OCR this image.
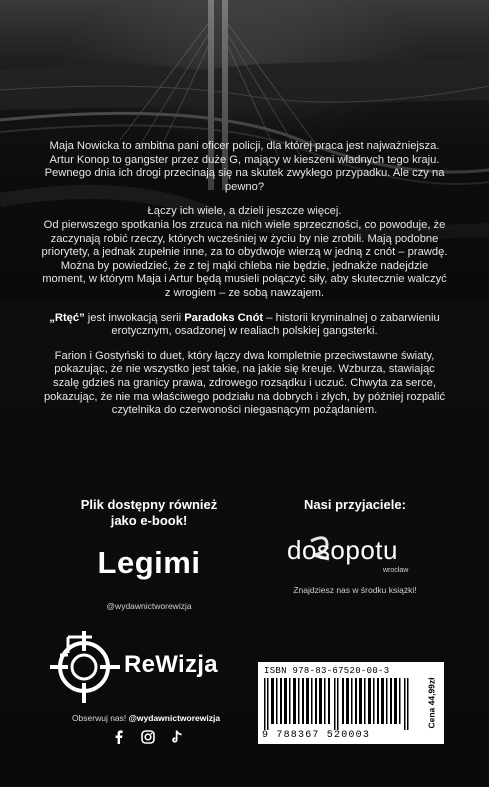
Maja Nowicka to ambitna pani oficer policji, dla której praca jest najważniejsza. Artur Konop to gangster przez duże G, mający w kieszeni władnych tego kraju. Pewnego dnia ich drogi przecinają się na skutek zwykłego przypadku. Ale czy na pewno?

Łączy ich wiele, a dzieli jeszcze więcej.

Od pierwszego spotkania los zrzuca na nich wiele sprzeczności, co powoduje, że zaczynają robić rzeczy, których wcześniej w życiu by nie zrobili. Mają podobne priorytety, a jednak zupełnie inne, za to obydwoje wierzą w jedną z cnót – prawdę. Można by powiedzieć, że z tej mąki chleba nie będzie, jednakże nadejdzie moment, w którym Maja i Artur będą musieli połączyć siły, aby skutecznie walczyć z wrogiem – ze sobą nawzajem.

„Rtęć” jest inwokacją serii Paradoks Cnót – historii kryminalnej o zabarwieniu erotycznym, osadzonej w realiach polskiej gangsterki.

Farion i Gostyński to duet, który łączy dwa kompletnie przeciwstawne światy, pokazując, że nie wszystko jest takie, na jakie się kreuje. Wzburza, stawiając szalę gdzieś na granicy prawa, zdrowego rozsądku i uczuć. Chwyta za serce, pokazując, że nie ma właściwego podziału na dobrych i złych, by później rozpalić czytelnika do czerwoności niegasnącym pożądaniem.

Plik dostępny również
jako e-book!
Legimi
@wydawnictworewizja
Nasi przyjaciele:
dosopotu
wrocław
Znajdziesz nas w środku książki!
ReWizja
Obserwuj nas! @wydawnictworewizja
ISBN 978-83-67520-00-3
9 788367 520003
Cena 44,99zł
